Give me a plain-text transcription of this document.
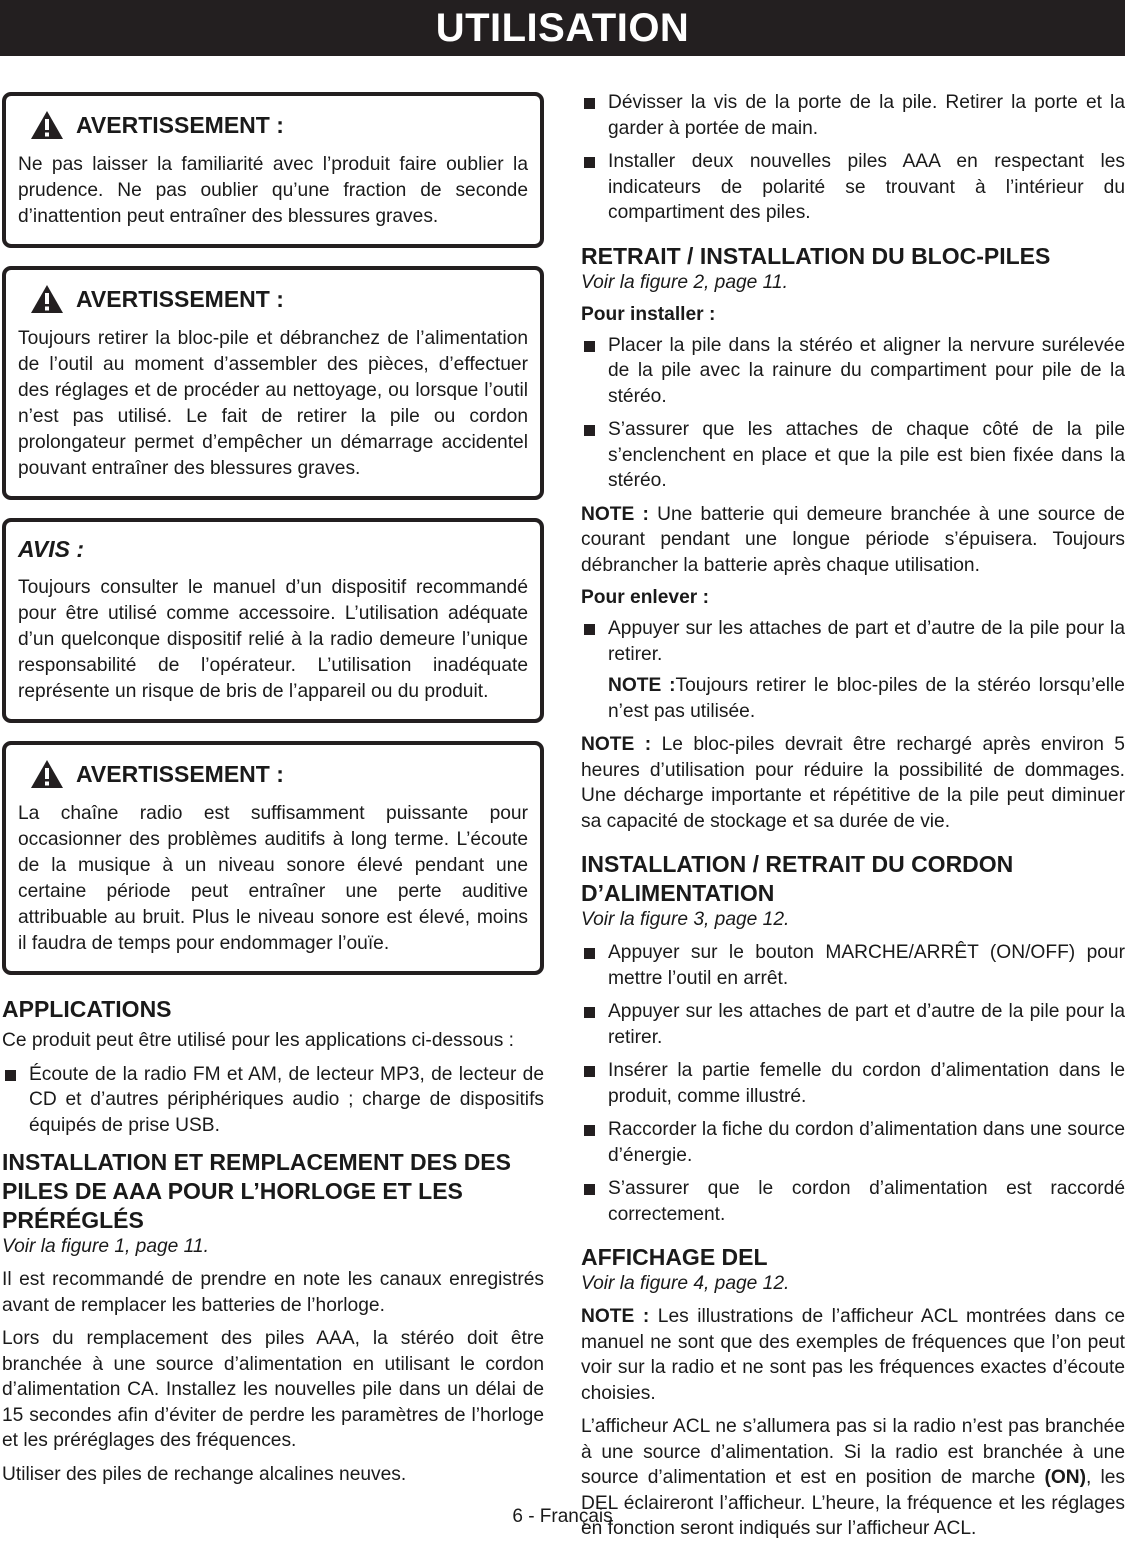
UTILISATION
AVERTISSEMENT :

Ne pas laisser la familiarité avec l’produit faire oublier la prudence. Ne pas oublier qu’une fraction de seconde d’inattention peut entraîner des blessures graves.

AVERTISSEMENT :

Toujours retirer la bloc-pile et débranchez de l’alimentation de l’outil au moment d’assembler des pièces, d’effectuer des réglages et de procéder au nettoyage, ou lorsque l’outil n’est pas utilisé. Le fait de retirer la pile ou cordon prolongateur permet d’empêcher un démarrage accidentel pouvant entraîner des blessures graves.

AVIS :

Toujours consulter le manuel d’un dispositif recommandé pour être utilisé comme accessoire. L’utilisation adéquate d’un quelconque dispositif relié à la radio demeure l’unique responsabilité de l’opérateur. L’utilisation inadéquate représente un risque de bris de l’appareil ou du produit.

AVERTISSEMENT :

La chaîne radio est suffisamment puissante pour occasionner des problèmes auditifs à long terme. L’écoute de la musique à un niveau sonore élevé pendant une certaine période peut entraîner une perte auditive attribuable au bruit. Plus le niveau sonore est élevé, moins il faudra de temps pour endommager l’ouïe.

APPLICATIONS

Ce produit peut être utilisé pour les applications ci-dessous :

Écoute de la radio FM et AM, de lecteur MP3, de lecteur de CD et d’autres périphériques audio ; charge de dispositifs équipés de prise USB.
INSTALLATION ET REMPLACEMENT DES DES PILES DE AAA POUR L’HORLOGE ET LES PRÉRÉGLÉS
Voir la figure 1, page 11.

Il est recommandé de prendre en note les canaux enregistrés avant de remplacer les batteries de l’horloge.

Lors du remplacement des piles AAA, la stéréo doit être branchée à une source d’alimentation en utilisant le cordon d’alimentation CA. Installez les nouvelles pile dans un délai de 15 secondes afin d’éviter de perdre les paramètres de l’horloge et les préréglages des fréquences.

Utiliser des piles de rechange alcalines neuves.

Dévisser la vis de la porte de la pile. Retirer la porte et la garder à portée de main.
Installer deux nouvelles piles AAA en respectant les indicateurs de polarité se trouvant à l’intérieur du compartiment des piles.
RETRAIT / INSTALLATION DU BLOC-PILES
Voir la figure 2, page 11.
Pour installer :
Placer la pile dans la stéréo et aligner la nervure surélevée de la pile avec la rainure du compartiment pour pile de la stéréo.
S’assurer que les attaches de chaque côté de la pile s’enclenchent en place et que la pile est bien fixée dans la stéréo.

NOTE : Une batterie qui demeure branchée à une source de courant pendant une longue période s’épuisera. Toujours débrancher la batterie après chaque utilisation.

Pour enlever :
Appuyer sur les attaches de part et d’autre de la pile pour la retirer.
NOTE :Toujours retirer le bloc-piles de la stéréo lorsqu’elle n’est pas utilisée.

NOTE : Le bloc-piles devrait être rechargé après environ 5 heures d’utilisation pour réduire la possibilité de dommages. Une décharge importante et répétitive de la pile peut diminuer sa capacité de stockage et sa durée de vie.

INSTALLATION / RETRAIT DU CORDON
D’ALIMENTATION
Voir la figure 3, page 12.
Appuyer sur le bouton MARCHE/ARRÊT (ON/OFF) pour mettre l’outil en arrêt.
Appuyer sur les attaches de part et d’autre de la pile pour la retirer.
Insérer la partie femelle du cordon d’alimentation dans le produit, comme illustré.
Raccorder la fiche du cordon d’alimentation dans une source d’énergie.
S’assurer que le cordon d’alimentation est raccordé correctement.
AFFICHAGE DEL
Voir la figure 4, page 12.

NOTE : Les illustrations de l’afficheur ACL montrées dans ce manuel ne sont que des exemples de fréquences que l’on peut voir sur la radio et ne sont pas les fréquences exactes d’écoute choisies.

L’afficheur ACL ne s’allumera pas si la radio n’est pas branchée à une source d’alimentation. Si la radio est branchée à une source d’alimentation et est en position de marche (ON), les DEL éclaireront l’afficheur. L’heure, la fréquence et les réglages en fonction seront indiqués sur l’afficheur ACL.

6 - Français
